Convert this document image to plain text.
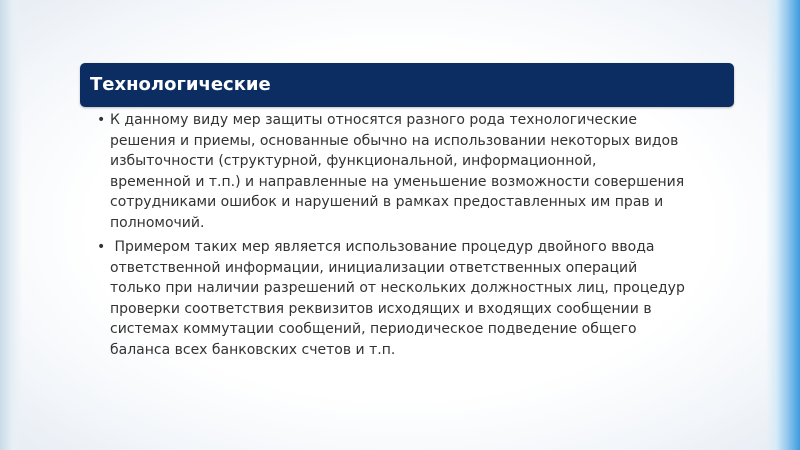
Технологические
• К данному виду мер защиты относятся разного рода технологические
решения и приемы, основанные обычно на использовании некоторых видов
избыточности (структурной, функциональной, информационной,
временной и т.п.) и направленные на уменьшение возможности совершения
сотрудниками ошибок и нарушений в рамках предоставленных им прав и
полномочий.
• Примером таких мер является использование процедур двойного ввода
ответственной информации, инициализации ответственных операций
только при наличии разрешений от нескольких должностных лиц, процедур
проверки соответствия реквизитов исходящих и входящих сообщении в
системах коммутации сообщений, периодическое подведение общего
баланса всех банковских счетов и т.п.
